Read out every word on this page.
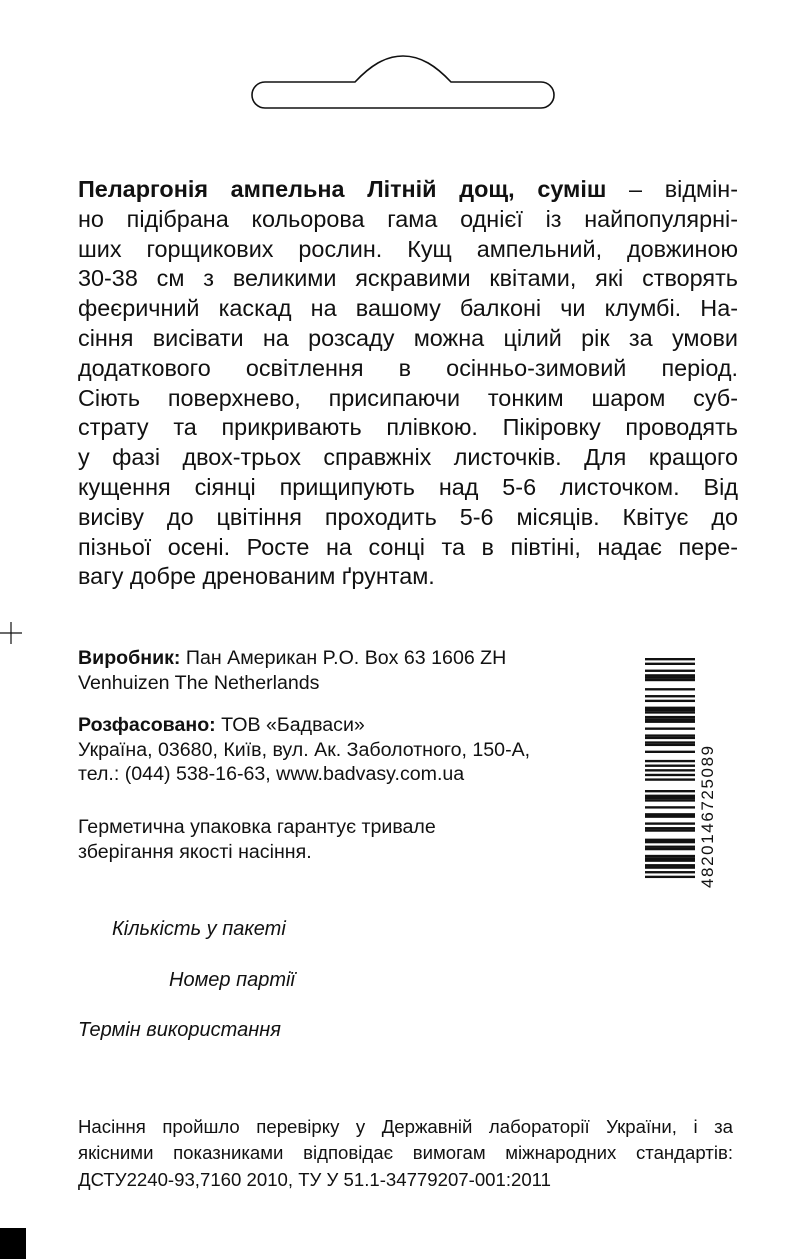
Пеларгонія ампельна Літній дощ, суміш – відмін-
но підібрана кольорова гама однієї із найпопулярні-
ших горщикових рослин. Кущ ампельний, довжиною
30-38 см з великими яскравими квітами, які створять
феєричний каскад на вашому балконі чи клумбі. На-
сіння висівати на розсаду можна цілий рік за умови
додаткового освітлення в осінньо-зимовий період.
Сіють поверхнево, присипаючи тонким шаром суб-
страту та прикривають плівкою. Пікіровку проводять
у фазі двох-трьох справжніх листочків. Для кращого
кущення сіянці прищипують над 5-6 листочком. Від
висіву до цвітіння проходить 5-6 місяців. Квітує до
пізньої осені. Росте на сонці та в півтіні, надає пере-
вагу добре дренованим ґрунтам.
Виробник: Пан Американ P.O. Box 63 1606 ZH
Venhuizen The Netherlands
Розфасовано: ТОВ «Бадваси»
Україна, 03680, Київ, вул. Ак. Заболотного, 150-А,
тел.: (044) 538-16-63, www.badvasy.com.ua
Герметична упаковка гарантує тривале
зберігання якості насіння.
Кількість у пакеті
Номер партії
Термін використання
Насіння пройшло перевірку у Державній лабораторії України, і за
якісними показниками відповідає вимогам міжнародних стандартів:
ДСТУ2240-93,7160 2010, ТУ У 51.1-34779207-001:2011
4820146725089
